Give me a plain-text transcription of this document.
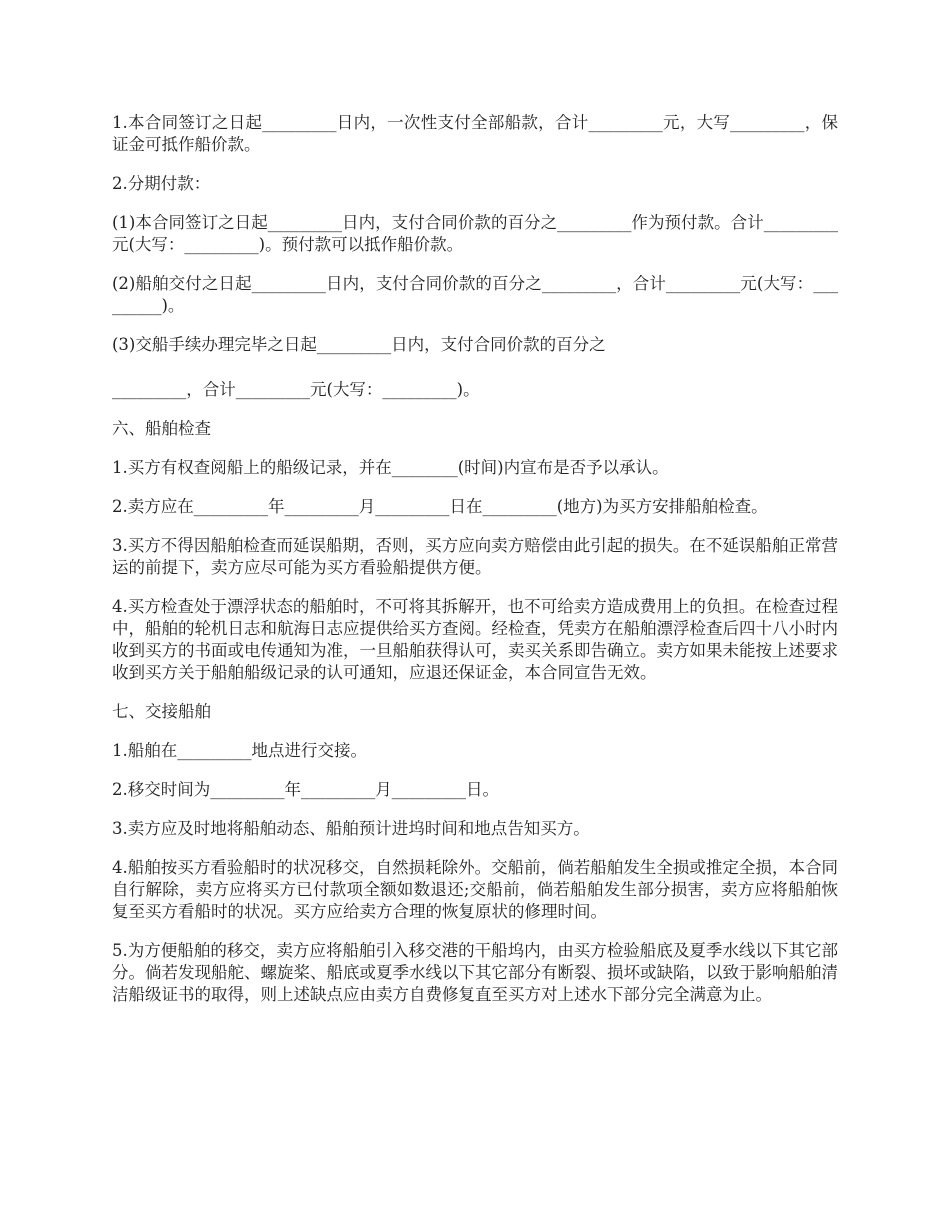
1.本合同签订之日起_________日内，一次性支付全部船款，合计_________元，大写_________，保证金可抵作船价款。

2.分期付款：

(1)本合同签订之日起_________日内，支付合同价款的百分之_________作为预付款。合计_________元(大写：_________)。预付款可以抵作船价款。

(2)船舶交付之日起_________日内，支付合同价款的百分之_________，合计_________元(大写：_________)。

(3)交船手续办理完毕之日起_________日内，支付合同价款的百分之

_________，合计_________元(大写：_________)。

六、船舶检查

1.买方有权查阅船上的船级记录，并在________(时间)内宣布是否予以承认。

2.卖方应在_________年_________月_________日在_________(地方)为买方安排船舶检查。

3.买方不得因船舶检查而延误船期，否则，买方应向卖方赔偿由此引起的损失。在不延误船舶正常营运的前提下，卖方应尽可能为买方看验船提供方便。

4.买方检查处于漂浮状态的船舶时，不可将其拆解开，也不可给卖方造成费用上的负担。在检查过程中，船舶的轮机日志和航海日志应提供给买方查阅。经检查，凭卖方在船舶漂浮检查后四十八小时内收到买方的书面或电传通知为准，一旦船舶获得认可，卖买关系即告确立。卖方如果未能按上述要求收到买方关于船舶船级记录的认可通知，应退还保证金，本合同宣告无效。

七、交接船舶

1.船舶在_________地点进行交接。

2.移交时间为_________年_________月_________日。

3.卖方应及时地将船舶动态、船舶预计进坞时间和地点告知买方。

4.船舶按买方看验船时的状况移交，自然损耗除外。交船前，倘若船舶发生全损或推定全损，本合同自行解除，卖方应将买方已付款项全额如数退还;交船前，倘若船舶发生部分损害，卖方应将船舶恢复至买方看船时的状况。买方应给卖方合理的恢复原状的修理时间。

5.为方便船舶的移交，卖方应将船舶引入移交港的干船坞内，由买方检验船底及夏季水线以下其它部分。倘若发现船舵、螺旋桨、船底或夏季水线以下其它部分有断裂、损坏或缺陷，以致于影响船舶清洁船级证书的取得，则上述缺点应由卖方自费修复直至买方对上述水下部分完全满意为止。
